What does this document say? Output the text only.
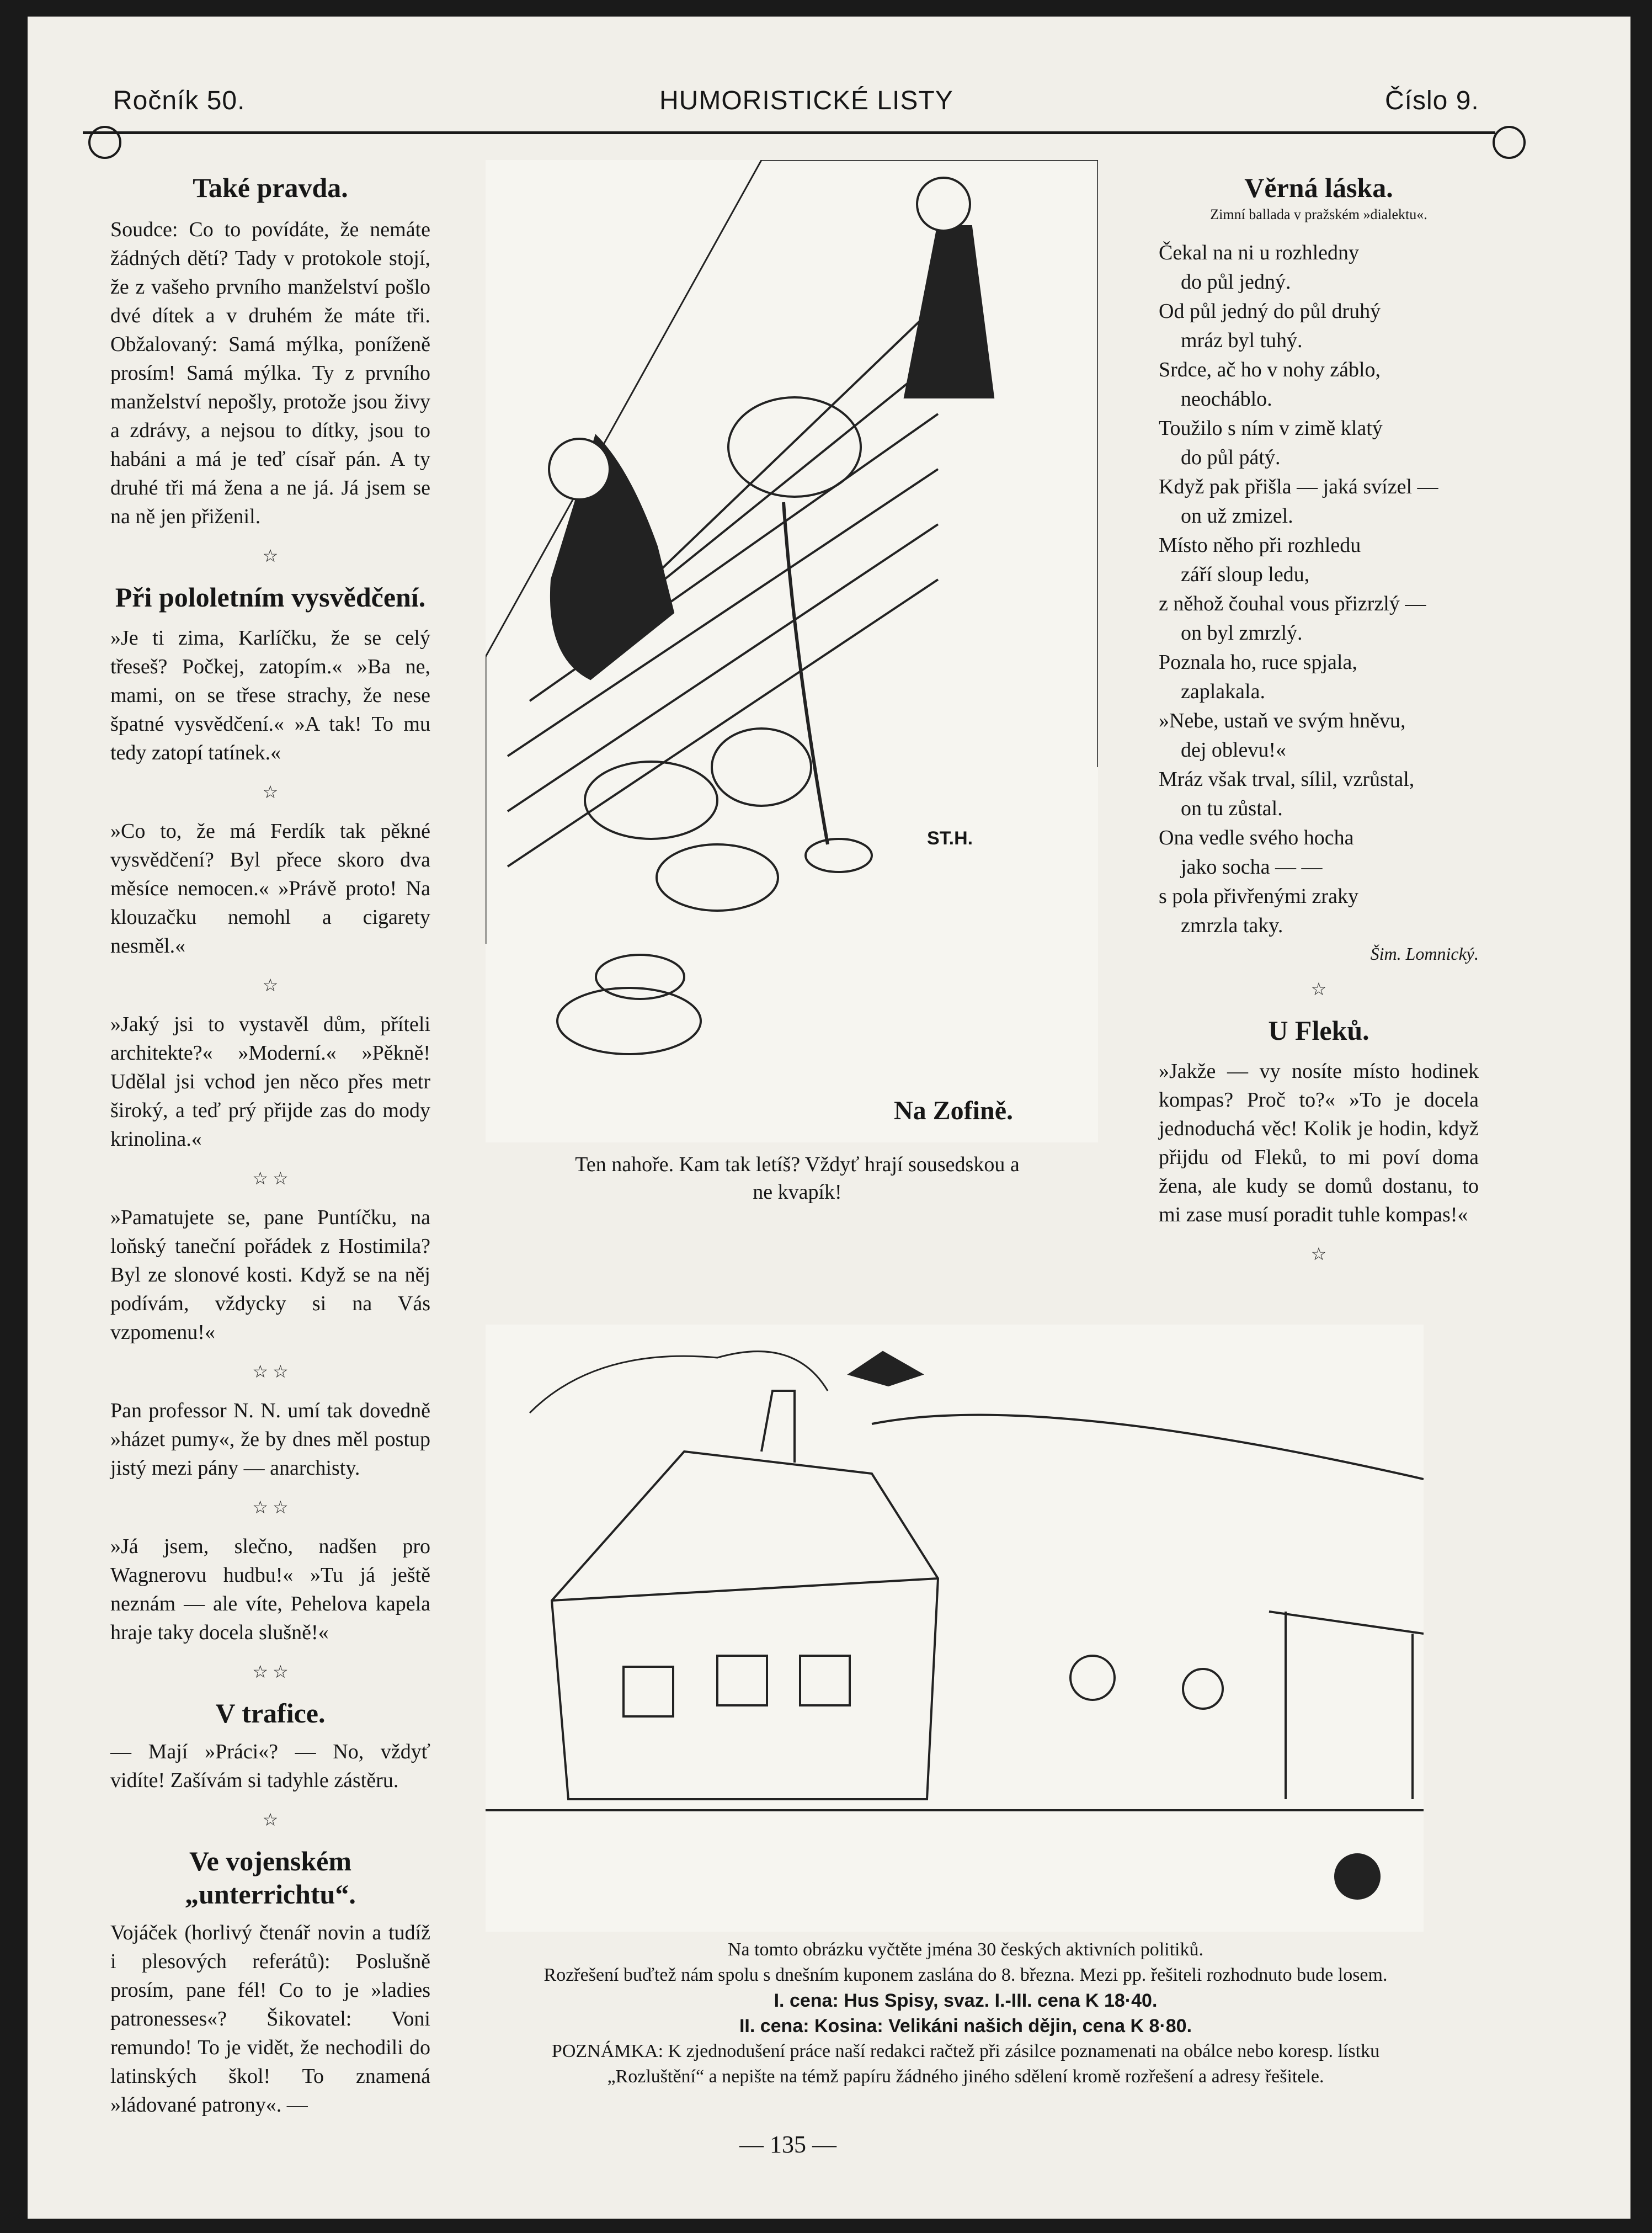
Ročník 50.	HUMORISTICKÉ LISTY	Číslo 9.
Také pravda.

Soudce: Co to povídáte, že nemáte žádných dětí? Tady v protokole stojí, že z vašeho prvního manželství pošlo dvé dítek a v druhém že máte tři. Obžalovaný: Samá mýlka, poníženě prosím! Samá mýlka. Ty z prvního manželství nepošly, protože jsou živy a zdrávy, a nejsou to dítky, jsou to habáni a má je teď císař pán. A ty druhé tři má žena a ne já. Já jsem se na ně jen přiženil.

☆
Při pololetním vysvědčení.

»Je ti zima, Karlíčku, že se celý třeseš? Počkej, zatopím.« »Ba ne, mami, on se třese strachy, že nese špatné vysvědčení.« »A tak! To mu tedy zatopí tatínek.«

☆

»Co to, že má Ferdík tak pěkné vysvědčení? Byl přece skoro dva měsíce nemocen.« »Právě proto! Na klouzačku nemohl a cigarety nesměl.«

☆

»Jaký jsi to vystavěl dům, příteli architekte?« »Moderní.« »Pěkně! Udělal jsi vchod jen něco přes metr široký, a teď prý přijde zas do mody krinolina.«

☆ ☆

»Pamatujete se, pane Puntíčku, na loňský taneční pořádek z Hostimila? Byl ze slonové kosti. Když se na něj podívám, vždycky si na Vás vzpomenu!«

☆ ☆

Pan professor N. N. umí tak dovedně »házet pumy«, že by dnes měl postup jistý mezi pány — anarchisty.

☆ ☆

»Já jsem, slečno, nadšen pro Wagnerovu hudbu!« »Tu já ještě neznám — ale víte, Pehelova kapela hraje taky docela slušně!«

☆ ☆
V trafice.

— Mají »Práci«? — No, vždyť vidíte! Zašívám si tadyhle zástěru.

☆
Ve vojenském „unterrichtu“.

Vojáček (horlivý čtenář novin a tudíž i plesových referátů): Poslušně prosím, pane fél! Co to je »ladies patronesses«? Šikovatel: Voni remundo! To je vidět, že nechodili do latinských škol! To znamená »ládované patrony«. —

Na Zofině.
ST.H.
Ten nahoře. Kam tak letíš? Vždyť hrají sousedskou a ne kvapík!
Věrná láska.
Zimní ballada v pražském »dialektu«.

Čekal na ni u rozhledny

do půl jedný.

Od půl jedný do půl druhý

mráz byl tuhý.

Srdce, ač ho v nohy záblo,

neocháblo.

Toužilo s ním v zimě klatý

do půl pátý.

Když pak přišla — jaká svízel —

on už zmizel.

Místo něho při rozhledu

září sloup ledu,

z něhož čouhal vous přizrzlý —

on byl zmrzlý.

Poznala ho, ruce spjala,

zaplakala.

»Nebe, ustaň ve svým hněvu,

dej oblevu!«

Mráz však trval, sílil, vzrůstal,

on tu zůstal.

Ona vedle svého hocha

jako socha — —

s pola přivřenými zraky

zmrzla taky.

Šim. Lomnický.
☆
U Fleků.

»Jakže — vy nosíte místo hodinek kompas? Proč to?« »To je docela jednoduchá věc! Kolik je hodin, když přijdu od Fleků, to mi poví doma žena, ale kudy se domů dostanu, to mi zase musí poradit tuhle kompas!«

☆
Politická hádanka
pro větší děti.

Na tomto obrázku vyčtěte jména 30 českých aktivních politiků.

Rozřešení buďtež nám spolu s dnešním kuponem zaslána do 8. března. Mezi pp. řešiteli rozhodnuto bude losem.

I. cena: Hus Spisy, svaz. I.-III. cena K 18·40.

II. cena: Kosina: Velikáni našich dějin, cena K 8·80.

POZNÁMKA: K zjednodušení práce naší redakci račtež při zásilce poznamenati na obálce nebo koresp. lístku

„Rozluštění“ a nepište na témž papíru žádného jiného sdělení kromě rozřešení a adresy řešitele.

— 135 —
